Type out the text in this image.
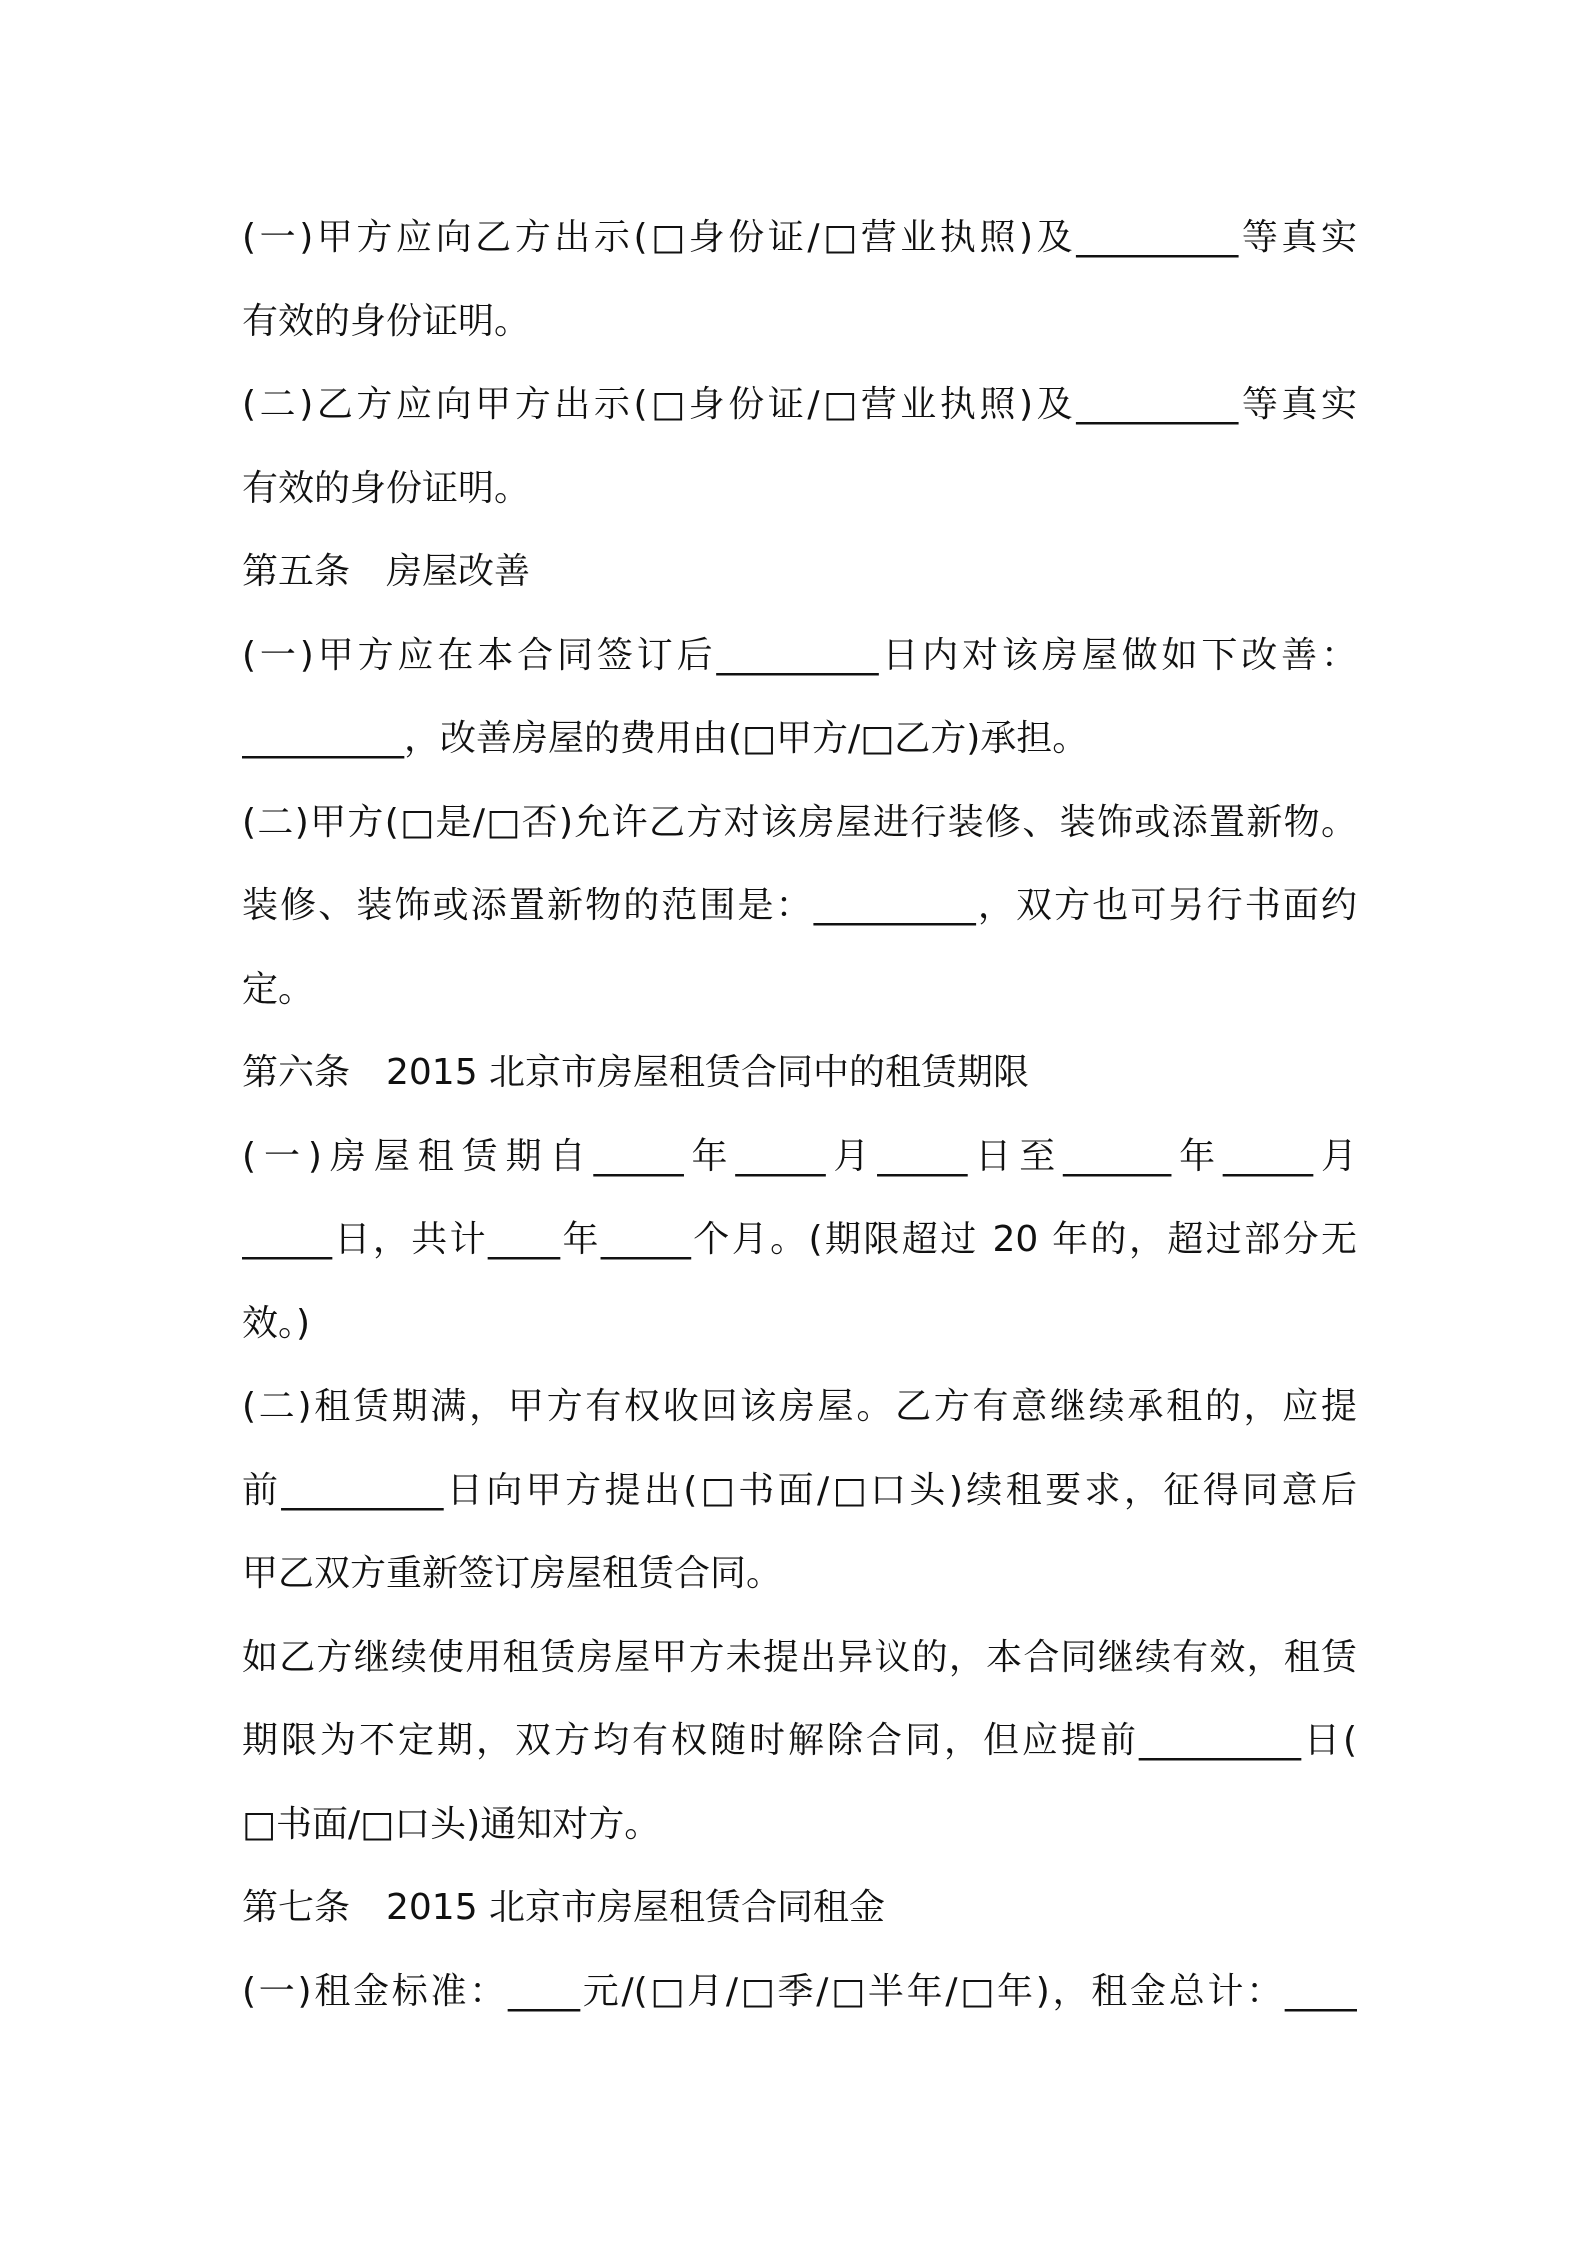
(一)甲方应向乙方出示(□身份证/□营业执照)及_________等真实
有效的身份证明。
(二)乙方应向甲方出示(□身份证/□营业执照)及_________等真实
有效的身份证明。
第五条　房屋改善
(一)甲方应在本合同签订后_________日内对该房屋做如下改善：
_________，改善房屋的费用由(□甲方/□乙方)承担。
(二)甲方(□是/□否)允许乙方对该房屋进行装修、装饰或添置新物。
装修、装饰或添置新物的范围是：_________，双方也可另行书面约
定。
第六条　2015 北京市房屋租赁合同中的租赁期限
(一)房屋租赁期自_____年_____月_____日至______年_____月
_____日，共计____年_____个月。(期限超过 20 年的，超过部分无
效。)
(二)租赁期满，甲方有权收回该房屋。乙方有意继续承租的，应提
前_________日向甲方提出(□书面/□口头)续租要求，征得同意后
甲乙双方重新签订房屋租赁合同。
如乙方继续使用租赁房屋甲方未提出异议的，本合同继续有效，租赁
期限为不定期，双方均有权随时解除合同，但应提前_________日(
□书面/□口头)通知对方。
第七条　2015 北京市房屋租赁合同租金
(一)租金标准：____元/(□月/□季/□半年/□年)，租金总计：____
